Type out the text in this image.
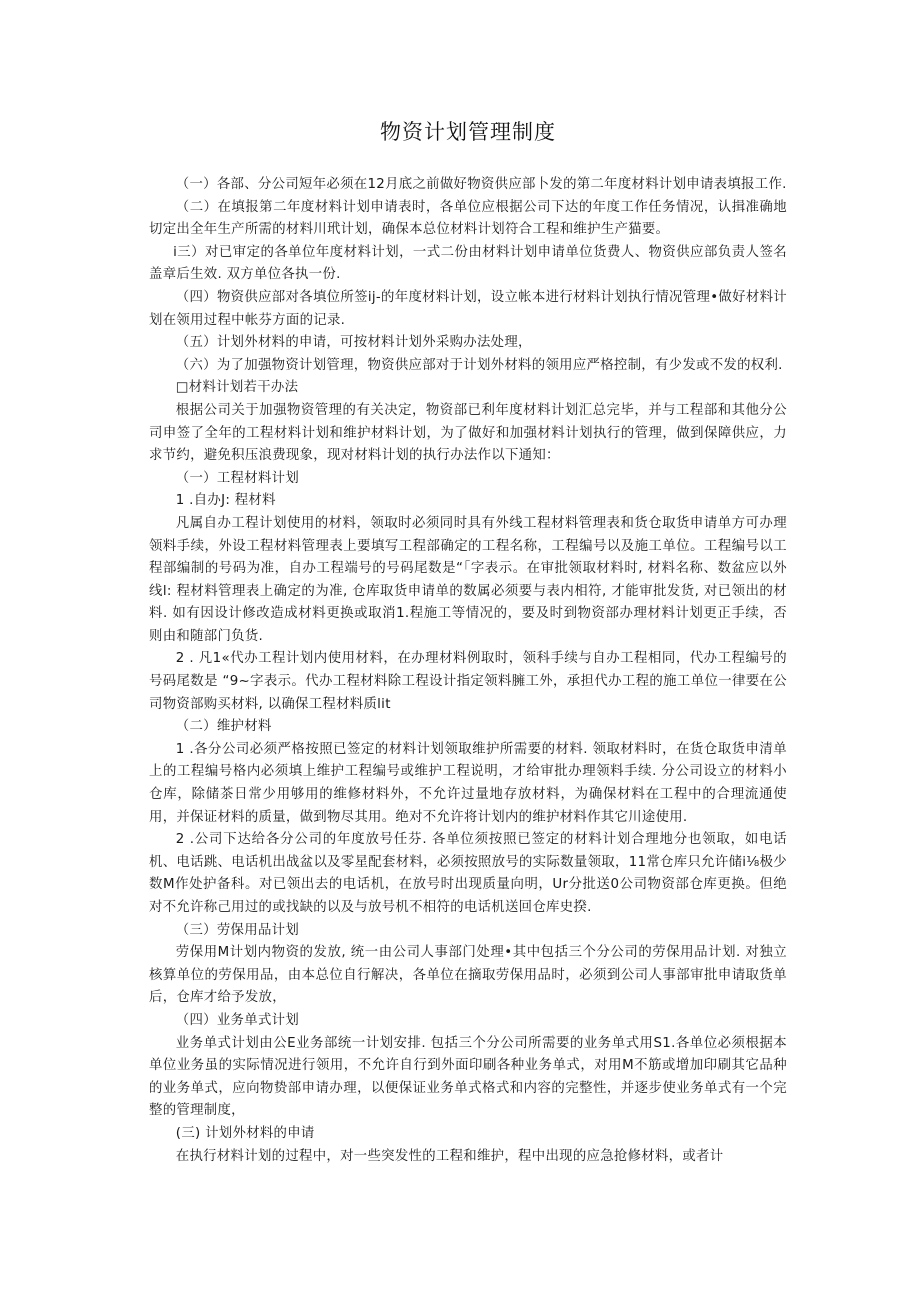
物资计划管理制度

（一）各部、分公司短年必须在12月底之前做好物资供应部卜发的第二年度材料计划申请表填报工作.

（二）在填报第二年度材料计划申请表时，各单位应根据公司下达的年度工作任务情况，认揖准确地切定出全年生产所需的材料川玳计划，确保本总位材料计划符合工程和维护生产猫要。

i三）对已审定的各单位年度材料计划，一式二份由材料计划申请单位货费人、物资供应部负责人签名盖章后生效. 双方单位各执一份.

（四）物资供应部对各填位所签ij-的年度材料计划，设立帐本进行材料计划执行情况管理•做好材料计划在领用过程中帐芬方面的记录.

（五）计划外材料的申请，可按材料计划外采购办法处理，

（六）为了加强物资计划管理，物资供应部对于计划外材料的领用应严格控制，有少发或不发的权利.

□材料计划若干办法

根据公司关于加强物资管理的有关决定，物资部已利年度材料计划汇总完毕，并与工程部和其他分公司申签了全年的工程材料计划和维护材料计划，为了做好和加强材料计划执行的管理，做到保障供应，力求节约，避免积压浪费现象，现对材料计划的执行办法作以下通知：

（一）工程材料计划

1 .自办J: 程材料

凡属自办工程计划使用的材料，领取时必须同时具有外线工程材料管理表和货仓取货申请单方可办理领料手续，外设工程材料管理表上要填写工程部确定的工程名称，工程编号以及施工单位。工程编号以工程部编制的号码为准，自办工程端号的号码尾数是“「字表示。在审批领取材料时, 材料名称、数盆应以外线l: 程材料管理表上确定的为准, 仓库取货申请单的数属必须要与表内相符, 才能审批发货, 对已领出的材料. 如有因设计修改造成材料更换或取消1.程施工等情况的，要及时到物资部办理材料计划更正手续，否则由和随部门负货.

2 . 凡1«代办工程计划内使用材料，在办理材料例取时，领科手续与自办工程相同，代办工程编号的号码尾数是 “9~字表示。代办工程材料除工程设计指定领料臃工外，承担代办工程的施工单位一律要在公司物资部购买材料, 以确保工程材料质lit

（二）维护材料

1 .各分公司必须严格按照已签定的材料计划领取维护所需要的材料. 领取材料时，在货仓取货申清单上的工程编号格内必须填上维护工程编号或维护工程说明，才给审批办理领料手续. 分公司设立的材料小仓库，除储茶日常少用够用的维修材料外，不允许过量地存放材料，为确保材料在工程中的合理流通使用，并保证材料的质量，做到物尽其用。绝对不允许将计划内的维护材料作其它川途使用.

2 .公司下达给各分公司的年度放号任芬. 各单位须按照已签定的材料计划合理地分也领取，如电话机、电话跳、电话机出战盆以及零星配套材料，必须按照放号的实际数量领取，11常仓库只允许储i⅛极少数M作处护备科。对已领出去的电话机，在放号时出现质量向明，Ur分批送0公司物资部仓库更换。但绝对不允许称己用过的或找缺的以及与放号机不相符的电话机送回仓库史揆.

（三）劳保用品计划

劳保用M计划内物资的发放, 统一由公司人事部门处理•其中包括三个分公司的劳保用品计划. 对独立核算单位的劳保用品，由本总位自行解决，各单位在摘取劳保用品时，必须到公司人事部审批申请取货单后，仓库才给予发放，

（四）业务单式计划

业务单式计划由公E业务部统一计划安排. 包括三个分公司所需要的业务单式用S1.各单位必须根据本单位业务虽的实际情况进行领用，不允许自行到外面印刷各种业务单式，对用M不筋或增加印刷其它品种的业务单式，应向物贽部申请办理，以便保证业务单式格式和内容的完整性，并逐步使业务单式有一个完整的管理制度，

(三) 计划外材料的申请

在执行材料计划的过程中，对一些突发性的工程和维护，程中出现的应急抢修材料，或者计
